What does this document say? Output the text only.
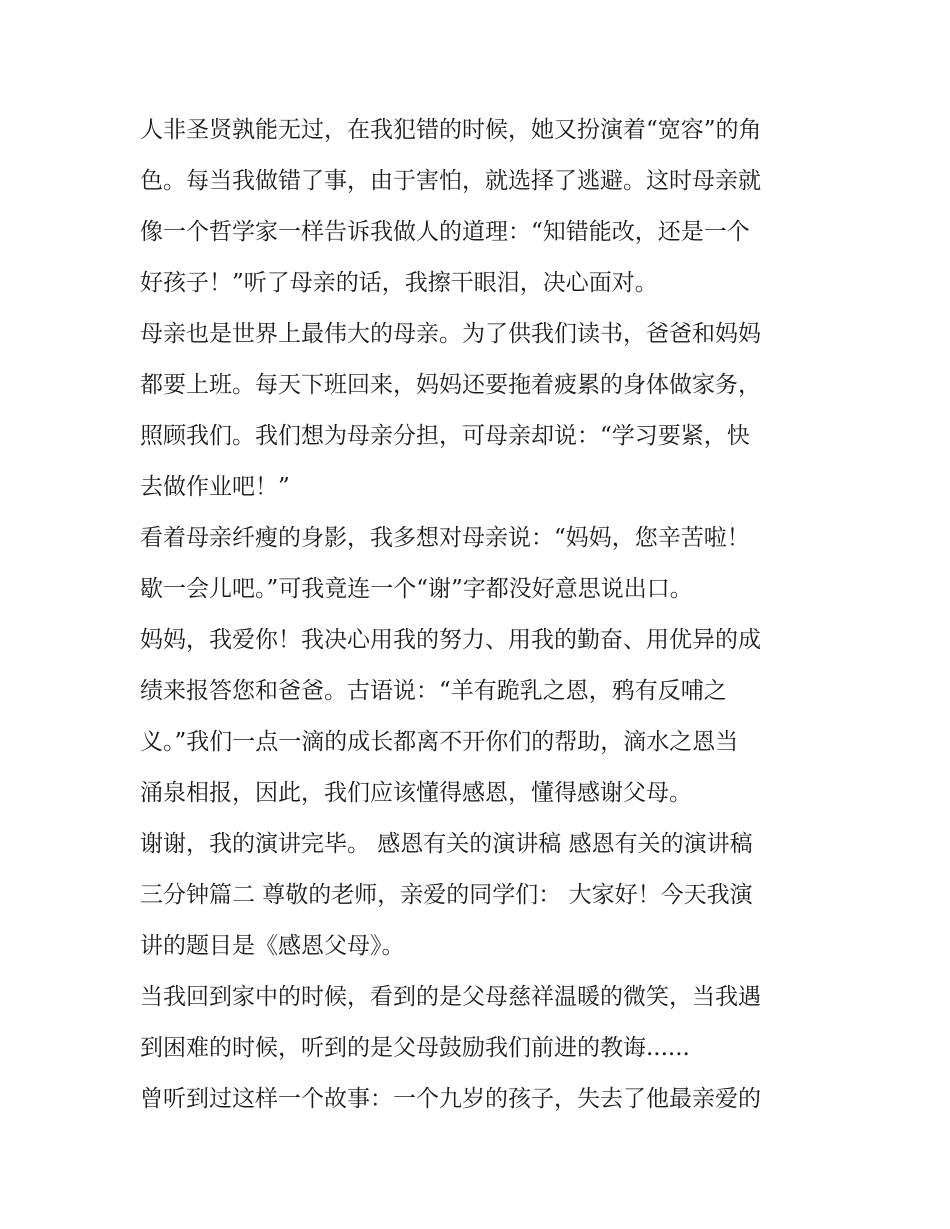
人非圣贤孰能无过，在我犯错的时候，她又扮演着“宽容”的角

色。每当我做错了事，由于害怕，就选择了逃避。这时母亲就

像一个哲学家一样告诉我做人的道理：“知错能改，还是一个

好孩子！”听了母亲的话，我擦干眼泪，决心面对。

母亲也是世界上最伟大的母亲。为了供我们读书，爸爸和妈妈

都要上班。每天下班回来，妈妈还要拖着疲累的身体做家务，

照顾我们。我们想为母亲分担，可母亲却说：“学习要紧，快

去做作业吧！”

看着母亲纤瘦的身影，我多想对母亲说：“妈妈，您辛苦啦！

歇一会儿吧。”可我竟连一个“谢”字都没好意思说出口。

妈妈，我爱你！我决心用我的努力、用我的勤奋、用优异的成

绩来报答您和爸爸。古语说：“羊有跪乳之恩，鸦有反哺之

义。”我们一点一滴的成长都离不开你们的帮助，滴水之恩当

涌泉相报，因此，我们应该懂得感恩，懂得感谢父母。

谢谢，我的演讲完毕。 感恩有关的演讲稿 感恩有关的演讲稿

三分钟篇二 尊敬的老师，亲爱的同学们： 大家好！今天我演

讲的题目是《感恩父母》。

当我回到家中的时候，看到的是父母慈祥温暖的微笑，当我遇

到困难的时候，听到的是父母鼓励我们前进的教诲......

曾听到过这样一个故事：一个九岁的孩子，失去了他最亲爱的
